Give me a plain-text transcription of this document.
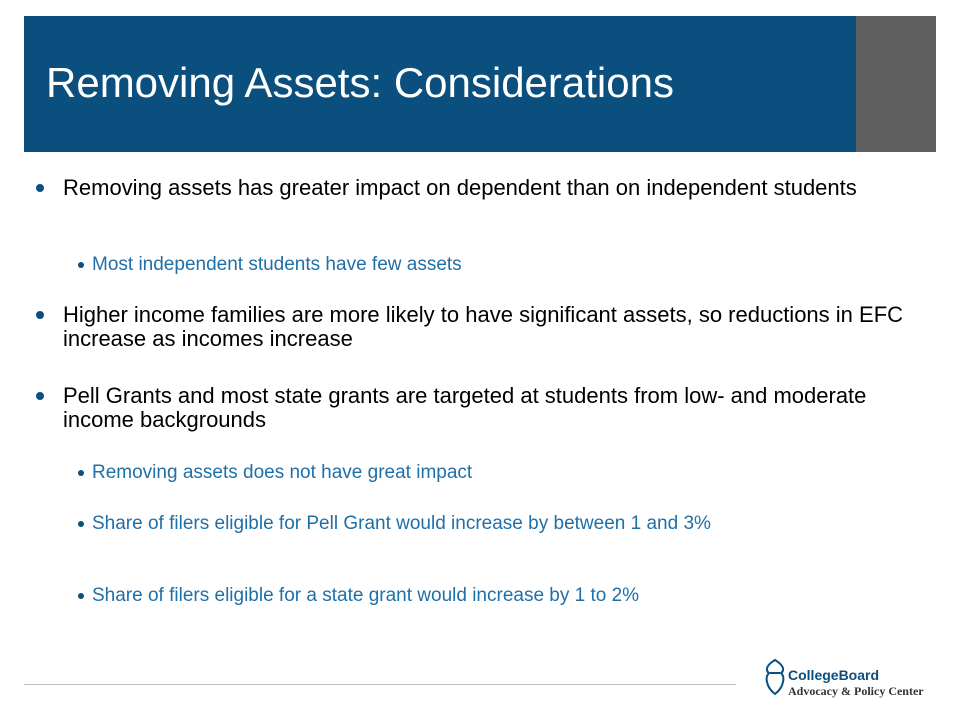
Removing Assets: Considerations
Removing assets has greater impact on dependent than on independent students
Most independent students have few assets
Higher income families are more likely to have significant assets, so reductions in EFC increase as incomes increase
Pell Grants and most state grants are targeted at students from low- and moderate income backgrounds
Removing assets does not have great impact
Share of filers eligible for Pell Grant would increase by between 1 and 3%
Share of filers eligible for a state grant would increase by 1 to 2%
CollegeBoard
Advocacy & Policy Center
